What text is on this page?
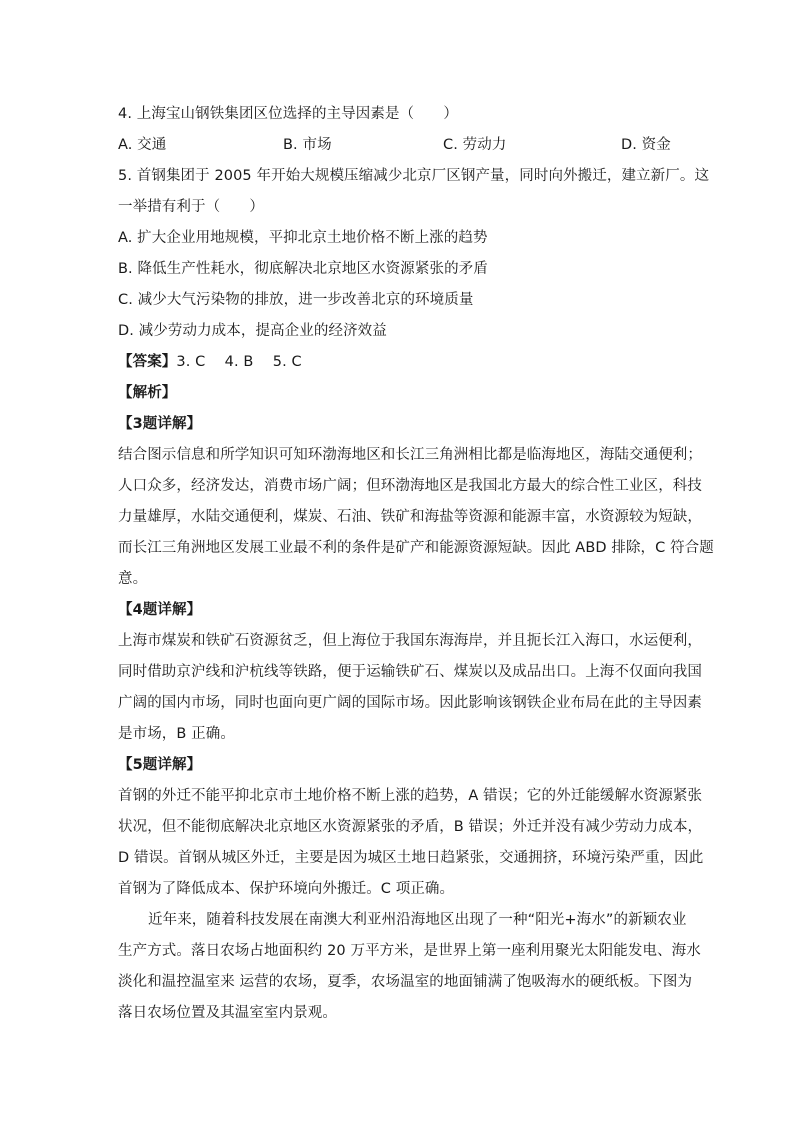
4. 上海宝山钢铁集团区位选择的主导因素是（　　）
A. 交通	B. 市场	C. 劳动力	D. 资金
5. 首钢集团于 2005 年开始大规模压缩减少北京厂区钢产量，同时向外搬迁，建立新厂。这
一举措有利于（　　）
A. 扩大企业用地规模，平抑北京土地价格不断上涨的趋势
B. 降低生产性耗水，彻底解决北京地区水资源紧张的矛盾
C. 减少大气污染物的排放，进一步改善北京的环境质量
D. 减少劳动力成本，提高企业的经济效益
【答案】3. C　 4. B　 5. C
【解析】
【3题详解】
结合图示信息和所学知识可知环渤海地区和长江三角洲相比都是临海地区，海陆交通便利；
人口众多，经济发达，消费市场广阔；但环渤海地区是我国北方最大的综合性工业区，科技
力量雄厚，水陆交通便利，煤炭、石油、铁矿和海盐等资源和能源丰富，水资源较为短缺，
而长江三角洲地区发展工业最不利的条件是矿产和能源资源短缺。因此 ABD 排除，C 符合题
意。
【4题详解】
上海市煤炭和铁矿石资源贫乏，但上海位于我国东海海岸，并且扼长江入海口，水运便利，
同时借助京沪线和沪杭线等铁路，便于运输铁矿石、煤炭以及成品出口。上海不仅面向我国
广阔的国内市场，同时也面向更广阔的国际市场。因此影响该钢铁企业布局在此的主导因素
是市场，B 正确。
【5题详解】
首钢的外迁不能平抑北京市土地价格不断上涨的趋势，A 错误；它的外迁能缓解水资源紧张
状况，但不能彻底解决北京地区水资源紧张的矛盾，B 错误；外迁并没有减少劳动力成本，
D 错误。首钢从城区外迁，主要是因为城区土地日趋紧张，交通拥挤，环境污染严重，因此
首钢为了降低成本、保护环境向外搬迁。C 项正确。
近年来，随着科技发展在南澳大利亚州沿海地区出现了一种“阳光+海水”的新颖农业
生产方式。落日农场占地面积约 20 万平方米，是世界上第一座利用聚光太阳能发电、海水
淡化和温控温室来 运营的农场，夏季，农场温室的地面铺满了饱吸海水的硬纸板。下图为
落日农场位置及其温室室内景观。
